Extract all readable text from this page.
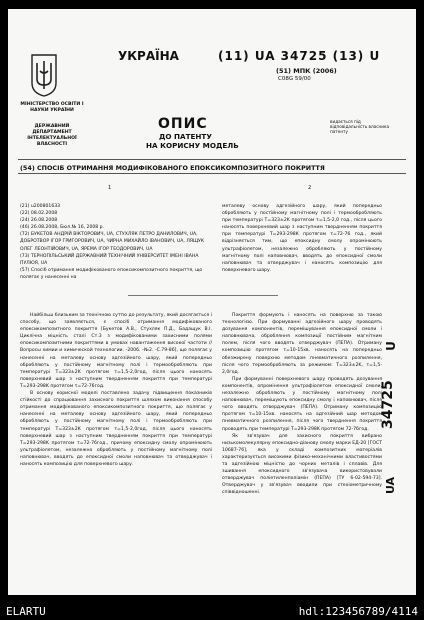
УКРАЇНА
МІНІСТЕРСТВО ОСВІТИ І НАУКИ УКРАЇНИ
ДЕРЖАВНИЙ ДЕПАРТАМЕНТ ІНТЕЛЕКТУАЛЬНОЇ ВЛАСНОСТІ
(11) UA 34725 (13) U
(51) МПК (2006)
C08G 59/00
ОПИС
ДО ПАТЕНТУ
НА КОРИСНУ МОДЕЛЬ
видається під відповідальність власника патенту
(54) СПОСІБ ОТРИМАННЯ МОДИФІКОВАНОГО ЕПОКСИКОМПОЗИТНОГО ПОКРИТТЯ
1	2

(21) u200801633

(22) 08.02.2008

(24) 26.08.2008

(46) 26.08.2008, Бюл.№ 16, 2008 р.

(72) БУКЕТОВ АНДРІЙ ВІКТОРОВИЧ, UA, СТУХЛЯК ПЕТРО ДАНИЛОВИЧ, UA, ДОБРОТВОР ІГОР ГРИГОРОВИЧ, UA, ЧИРНА МИХАЙЛО ІВАНОВИЧ, UA, ЛЯЩУК ОЛЕГ ЛЕОНТІЙОВИЧ, UA, ЯРЕМА ІГОР ТЕОДОРОВИЧ, UA

(73) ТЕРНОПІЛЬСЬКИЙ ДЕРЖАВНИЙ ТЕХНІЧНИЙ УНІВЕРСИТЕТ ІМЕНІ ІВАНА ПУЛЮЯ, UA

(57) Спосіб отримання модифікованого епоксикомпозитного покриття, що полягає у нанесенні на

металеву основу адгезійного шару, який попередньо обробляють у постійному магнітному полі і термообробляють при температурі T=323±2K протягом τ=1,5-2,0 год., після цього наносять поверхневий шар з наступним твердненням покриття при температурі T=293-298K протягом τ=72-76 год., який відрізняється тим, що епоксидну смолу опромінюють ультрафіолетом, незалежно обробляють у постійному магнітному полі наповнювач, вводять до епоксидної смоли наповнювач та отверджувач і наносять композицію для поверхневого шару.

Найбільш близьким за технічною суттю до результату, який досягається і способу, що заявляється, є спосіб отримання модифікованого епоксикомпозитного покриття [Букетов А.В., Стухляк П.Д., Бадащук В.І. Циклічна міцність сталі Ст.3 з модифікованими захисними полями епоксикомпозитними покриттями в умовах навантаження високої частоти //Вопросы химии и химической технологии. -2006. -№2. -С.79-86], що полягає у нанесенні на металеву основу адгезійного шару, який попередньо обробляють у постійному магнітному полі і термообробляють при температурі T=323±2K протягом τ=1,5-2,0год, після цього наносять поверхневий шар з наступним твердненням покриття при температурі T=293-298K протягом τ=72-76год.

В основу корисної моделі поставлено задачу підвищення показників стійкості до спрацювання захисного покриття шляхом виконання способу отримання модифікованого епоксикомпозитного покриття, що полягає у нанесенні на металеву основу адгезійного шару, який попередньо обробляють у постійному магнітному полі і термообробляють при температурі T=323±2K протягом τ=1,5-2,0год, після цього наносять поверхневий шар з наступним твердненням покриття при температурі T=293-298K протягом τ=72-76год., причому епоксидну смолу опромінюють ультрафіолетом, незалежно обробляють у постійному магнітному полі наповнювач, вводять до епоксидної смоли наповнювач та отверджувач і наносять композицію для поверхневого шару.

Покриття формують і наносять на поверхню за такою технологією. При формуванні адгезійного шару проводять дозування компонентів, перемішування епоксидної смоли і наповнювача, обробляння композиції постійним магнітним полем, після чого вводять отверджувач (ПЕПА). Отриману композицію протягом τ=10-15хв. наносять на попередньо обезжирену поверхню методом пневматичного розпилення, після чого термообробляють за режимом: T=323±2K, τ=1,5-2,0год.

При формуванні поверхневого шару проводять дозування компонентів, опромінення ультрафіолетом епоксидної смоли, незалежно обробляють у постійному магнітному полі наповнювач, перемішують епоксидну смолу і наповнювач, після чого вводять отверджувач (ПЕПА). Отриману композицію протягом τ=10-15хв. наносять на адгезійний шар методом пневматичного розпилення, після чого тверднення покриття проводять при температурі T=293-298K протягом 72-76год.

Як зв'язувач для захисного покриття вибрано низькомолекулярну епоксидно-діанову смолу марки ЕД-20 [ГОСТ 10687-76], яка у складі композитних матеріалів характеризується високими фізико-механічними властивостями та адгезійною міцністю до чорних металів і сплавів. Для зшивання епоксидного зв'язувача використовували отверджувач поліетиленполіамін (ПЕПА) [ТУ 6-02-594-73]. Отверджувач у зв'язувач вводили при стехіометричному співвідношенні.

34725
U
UA
ELARTU	hdl:123456789/4114
